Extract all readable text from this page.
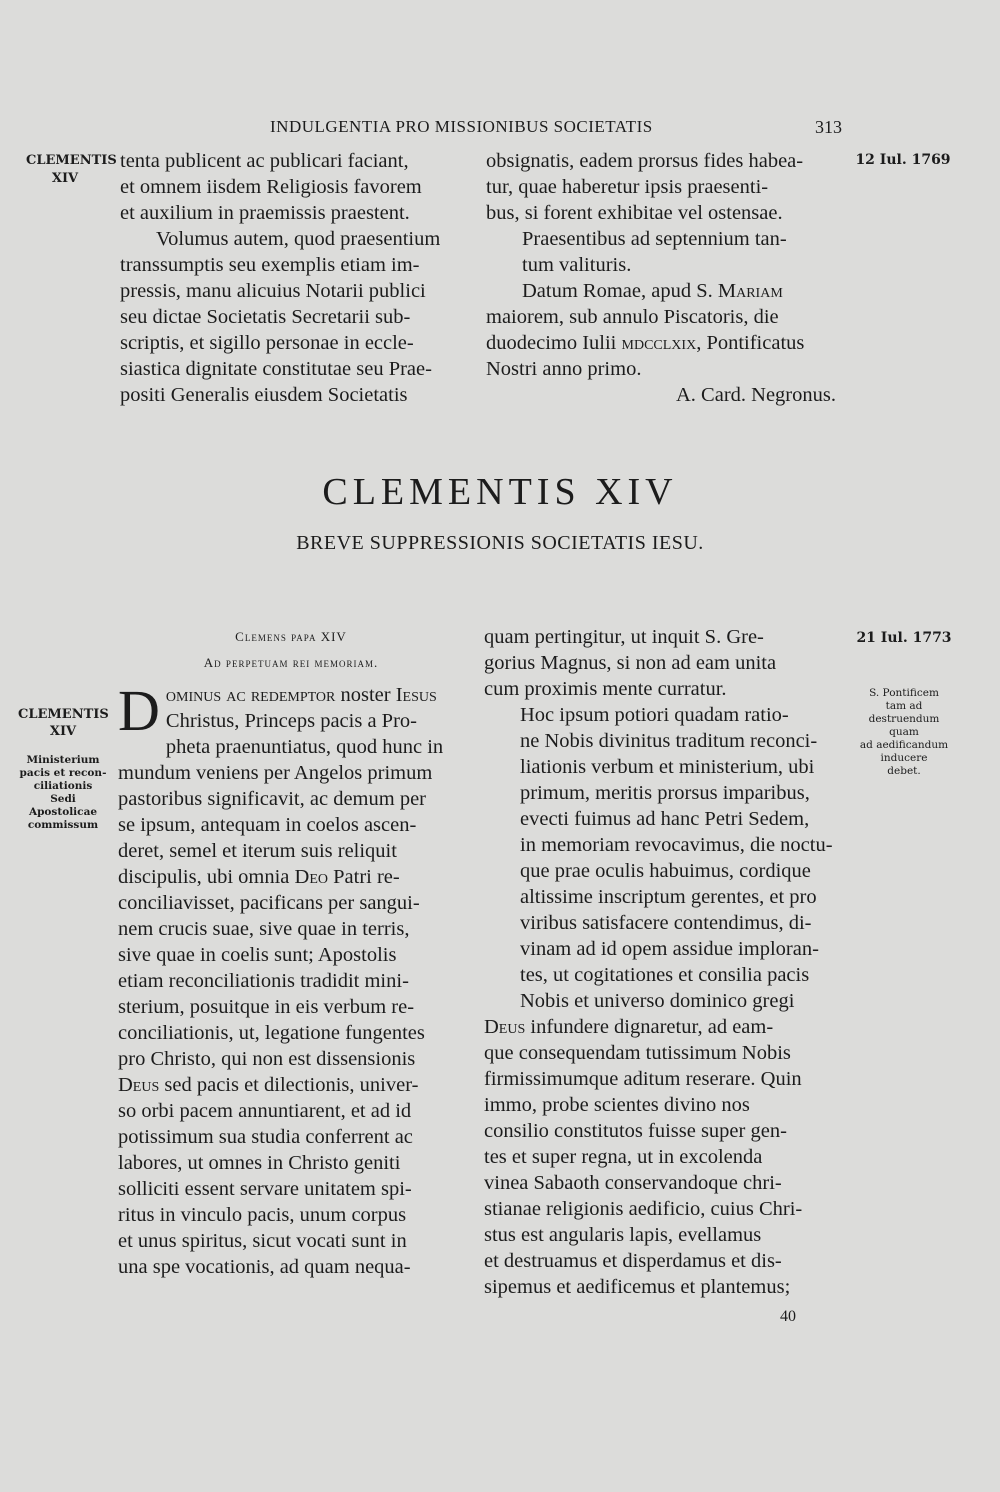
INDULGENTIA PRO MISSIONIBUS SOCIETATIS	313
CLEMENTIS
XIV
12 Iul. 1769

tenta publicent ac publicari faciant,
et omnem iisdem Religiosis favorem
et auxilium in praemissis praestent.

Volumus autem, quod praesentium
transsumptis seu exemplis etiam im-
pressis, manu alicuius Notarii publici
seu dictae Societatis Secretarii sub-
scriptis, et sigillo personae in eccle-
siastica dignitate constitutae seu Prae-
positi Generalis eiusdem Societatis

obsignatis, eadem prorsus fides habea-
tur, quae haberetur ipsis praesenti-
bus, si forent exhibitae vel ostensae.

Praesentibus ad septennium tan-
tum valituris.

Datum Romae, apud S. Mariam
maiorem, sub annulo Piscatoris, die
duodecimo Iulii mdcclxix, Pontificatus
Nostri anno primo.

A. Card. Negronus.

CLEMENTIS XIV
BREVE SUPPRESSIONIS SOCIETATIS IESU.
CLEMENTIS
XIV
Ministerium
pacis et recon-
ciliationis
Sedi
Apostolicae
commissum
21 Iul. 1773
S. Pontificem
tam ad
destruendum
quam
ad aedificandum
inducere
debet.
Clemens papa XIV
Ad perpetuam rei memoriam.

D ominus ac redemptor noster Iesus
Christus, Princeps pacis a Pro-
pheta praenuntiatus, quod hunc in
mundum veniens per Angelos primum
pastoribus significavit, ac demum per
se ipsum, antequam in coelos ascen-
deret, semel et iterum suis reliquit
discipulis, ubi omnia Deo Patri re-
conciliavisset, pacificans per sangui-
nem crucis suae, sive quae in terris,
sive quae in coelis sunt; Apostolis
etiam reconciliationis tradidit mini-
sterium, posuitque in eis verbum re-
conciliationis, ut, legatione fungentes
pro Christo, qui non est dissensionis
Deus sed pacis et dilectionis, univer-
so orbi pacem annuntiarent, et ad id
potissimum sua studia conferrent ac
labores, ut omnes in Christo geniti
solliciti essent servare unitatem spi-
ritus in vinculo pacis, unum corpus
et unus spiritus, sicut vocati sunt in
una spe vocationis, ad quam nequa-

quam pertingitur, ut inquit S. Gre-
gorius Magnus, si non ad eam unita
cum proximis mente curratur.

Hoc ipsum potiori quadam ratio-
ne Nobis divinitus traditum reconci-
liationis verbum et ministerium, ubi
primum, meritis prorsus imparibus,
evecti fuimus ad hanc Petri Sedem,
in memoriam revocavimus, die noctu-
que prae oculis habuimus, cordique
altissime inscriptum gerentes, et pro
viribus satisfacere contendimus, di-
vinam ad id opem assidue imploran-
tes, ut cogitationes et consilia pacis
Nobis et universo dominico gregi
Deus infundere dignaretur, ad eam-
que consequendam tutissimum Nobis
firmissimumque aditum reserare. Quin
immo, probe scientes divino nos
consilio constitutos fuisse super gen-
tes et super regna, ut in excolenda
vinea Sabaoth conservandoque chri-
stianae religionis aedificio, cuius Chri-
stus est angularis lapis, evellamus
et destruamus et disperdamus et dis-
sipemus et aedificemus et plantemus;

40
